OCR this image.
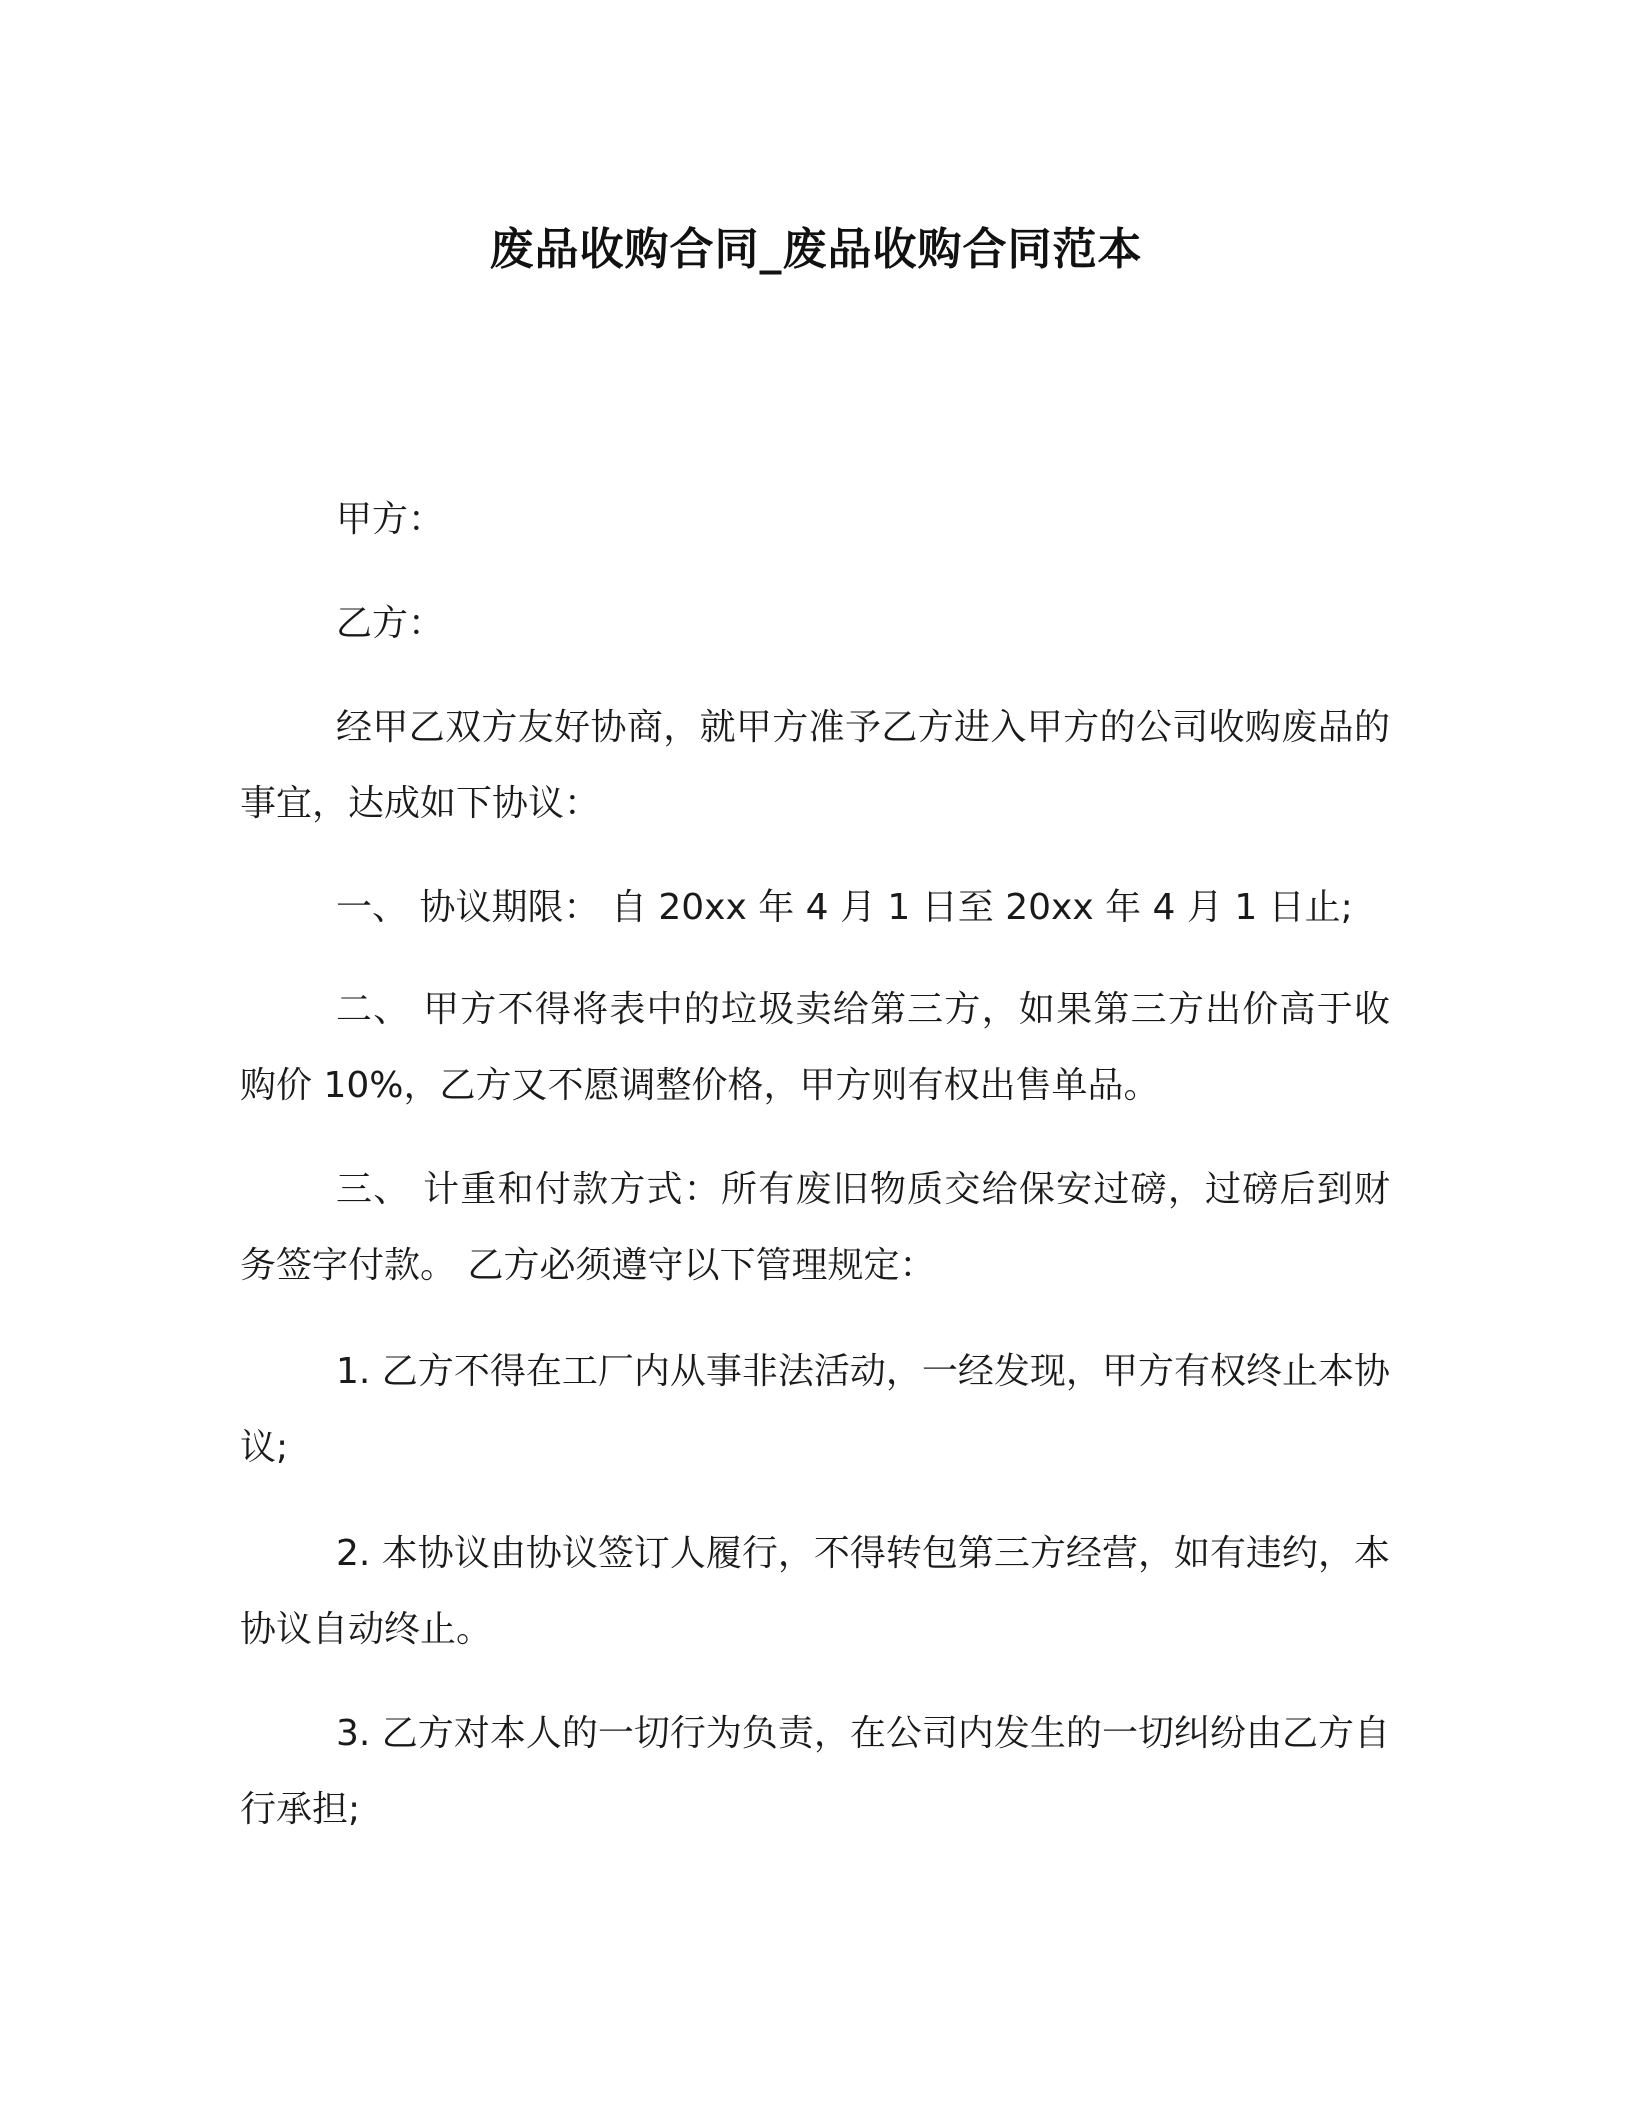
废品收购合同_废品收购合同范本
甲方：
乙方：
经甲乙双方友好协商，就甲方准予乙方进入甲方的公司收购废品的事宜，达成如下协议：
一、 协议期限： 自 20xx 年 4 月 1 日至 20xx 年 4 月 1 日止;
二、 甲方不得将表中的垃圾卖给第三方，如果第三方出价高于收购价 10%，乙方又不愿调整价格，甲方则有权出售单品。
三、 计重和付款方式：所有废旧物质交给保安过磅，过磅后到财务签字付款。 乙方必须遵守以下管理规定：
1. 乙方不得在工厂内从事非法活动，一经发现，甲方有权终止本协议;
2. 本协议由协议签订人履行，不得转包第三方经营，如有违约，本协议自动终止。
3. 乙方对本人的一切行为负责，在公司内发生的一切纠纷由乙方自行承担;
